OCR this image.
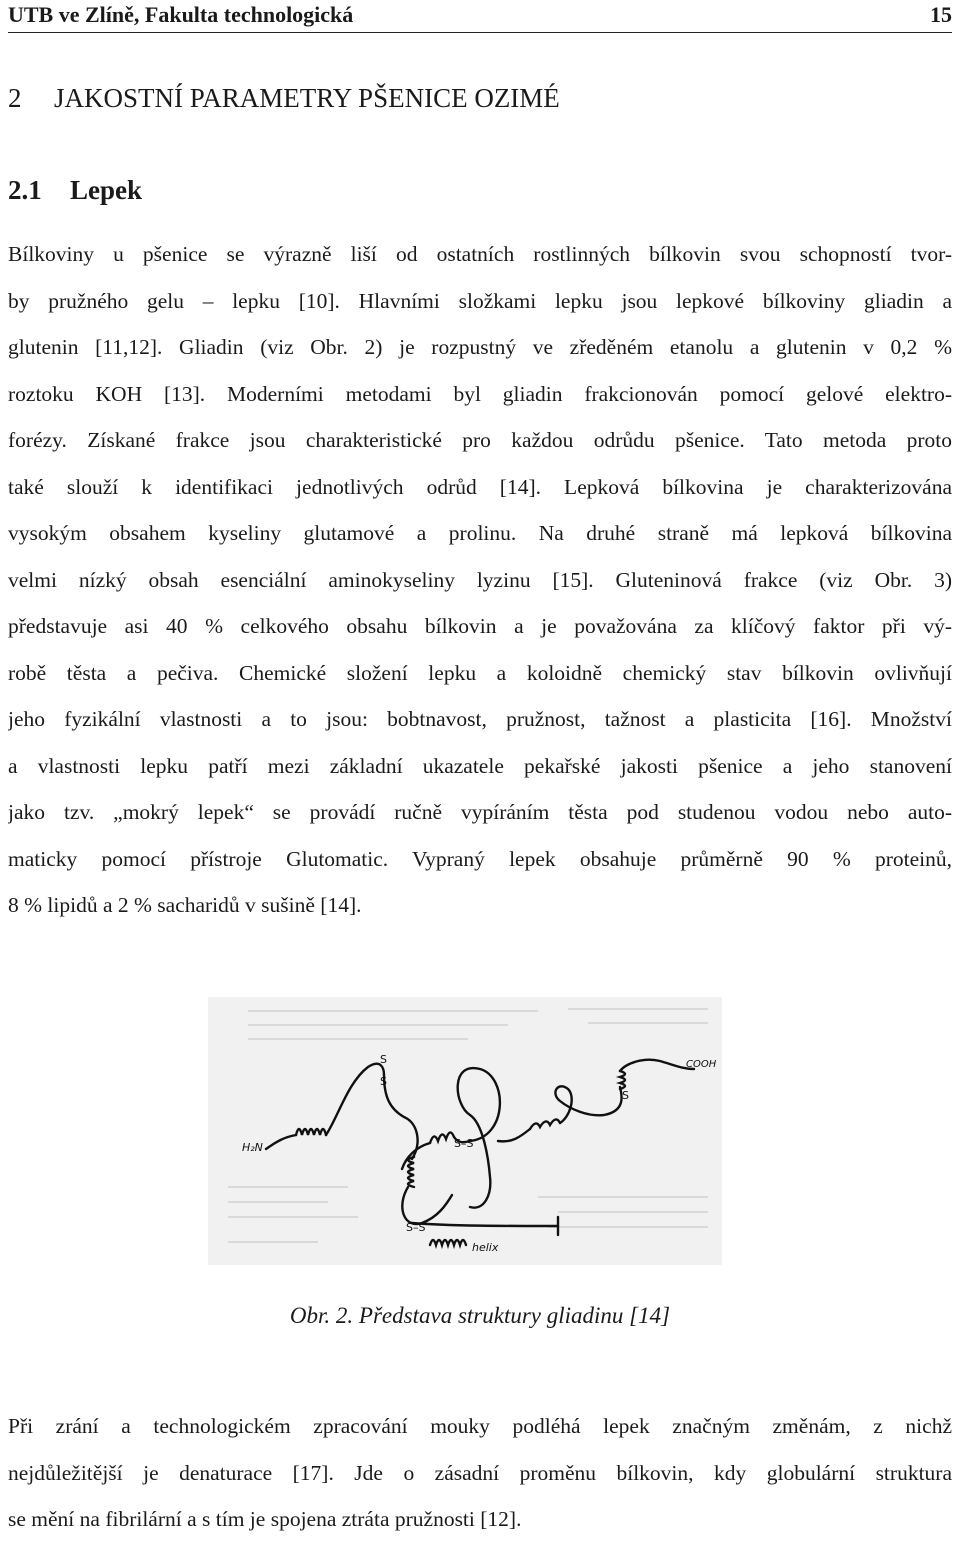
UTB ve Zlíně, Fakulta technologická	15
2 JAKOSTNÍ PARAMETRY PŠENICE OZIMÉ
2.1 Lepek
Bílkoviny u pšenice se výrazně liší od ostatních rostlinných bílkovin svou schopností tvor-
by pružného gelu – lepku [10]. Hlavními složkami lepku jsou lepkové bílkoviny gliadin a
glutenin [11,12]. Gliadin (viz Obr. 2) je rozpustný ve zředěném etanolu a glutenin v 0,2 %
roztoku KOH [13]. Moderními metodami byl gliadin frakcionován pomocí gelové elektro-
forézy. Získané frakce jsou charakteristické pro každou odrůdu pšenice. Tato metoda proto
také slouží k identifikaci jednotlivých odrůd [14]. Lepková bílkovina je charakterizována
vysokým obsahem kyseliny glutamové a prolinu. Na druhé straně má lepková bílkovina
velmi nízký obsah esenciální aminokyseliny lyzinu [15]. Gluteninová frakce (viz Obr. 3)
představuje asi 40 % celkového obsahu bílkovin a je považována za klíčový faktor při vý-
robě těsta a pečiva. Chemické složení lepku a koloidně chemický stav bílkovin ovlivňují
jeho fyzikální vlastnosti a to jsou: bobtnavost, pružnost, tažnost a plasticita [16]. Množství
a vlastnosti lepku patří mezi základní ukazatele pekařské jakosti pšenice a jeho stanovení
jako tzv. „mokrý lepek“ se provádí ručně vypíráním těsta pod studenou vodou nebo auto-
maticky pomocí přístroje Glutomatic. Vypraný lepek obsahuje průměrně 90 % proteinů,
8 % lipidů a 2 % sacharidů v sušině [14].
H₂N
COOH
S
S
S–S
S–S
S
helix
Obr. 2. Představa struktury gliadinu [14]
Při zrání a technologickém zpracování mouky podléhá lepek značným změnám, z nichž
nejdůležitější je denaturace [17]. Jde o zásadní proměnu bílkovin, kdy globulární struktura
se mění na fibrilární a s tím je spojena ztráta pružnosti [12].
